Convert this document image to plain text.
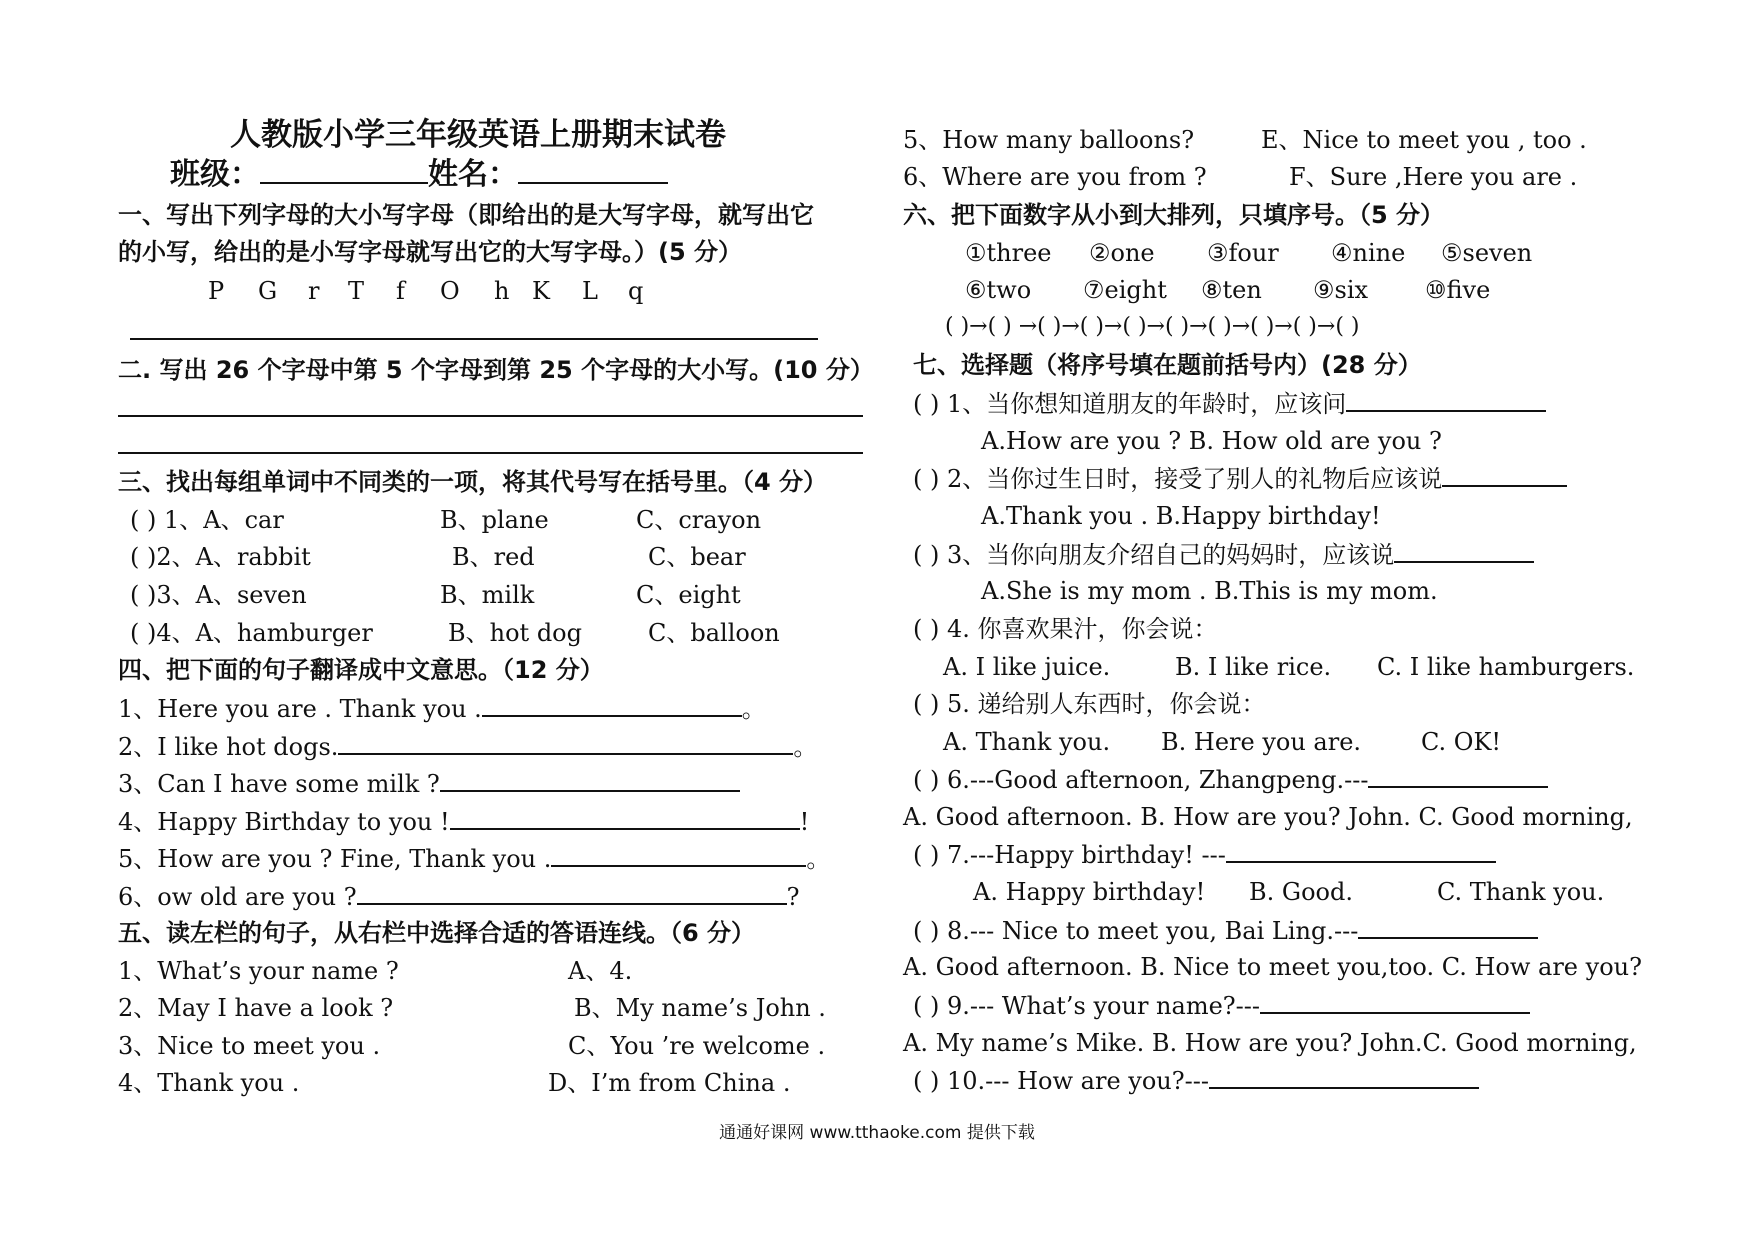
人教版小学三年级英语上册期末试卷
班级：	姓名：
一、写出下列字母的大小写字母（即给出的是大写字母，就写出它
的小写，给出的是小写字母就写出它的大写字母。）(5 分）
P G r T f O h K L q
二. 写出 26 个字母中第 5 个字母到第 25 个字母的大小写。(10 分）
三、找出每组单词中不同类的一项，将其代号写在括号里。（4 分）
( ) 1、A、car	B、plane	C、crayon
( )2、A、rabbit	B、red	C、bear
( )3、A、seven	B、milk	C、eight
( )4、A、hamburger	B、hot dog	C、balloon
四、把下面的句子翻译成中文意思。（12 分）
1、Here you are . Thank you .	。
2、I like hot dogs.	。
3、Can I have some milk ?
4、Happy Birthday to you !	!
5、How are you ? Fine, Thank you .	。
6、ow old are you ?	?
五、读左栏的句子，从右栏中选择合适的答语连线。（6 分）
1、What’s your name ?	A、4.
2、May I have a look ?	B、My name’s John .
3、Nice to meet you .	C、You ’re welcome .
4、Thank you .	D、I’m from China .
5、How many balloons?	E、Nice to meet you , too .
6、Where are you from ?	F、Sure ,Here you are .
六、把下面数字从小到大排列，只填序号。（5 分）
①three ②one ③four ④nine ⑤seven
⑥two ⑦eight ⑧ten ⑨six ⑩five
( )→( ) →( )→( )→( )→( )→( )→( )→( )→( )
七、选择题（将序号填在题前括号内）(28 分）
( ) 1、当你想知道朋友的年龄时，应该问
A.How are you ? B. How old are you ?
( ) 2、当你过生日时，接受了别人的礼物后应该说
A.Thank you . B.Happy birthday!
( ) 3、当你向朋友介绍自己的妈妈时，应该说
A.She is my mom . B.This is my mom.
( ) 4. 你喜欢果汁，你会说：
A. I like juice.	B. I like rice. C. I like hamburgers.
( ) 5. 递给别人东西时，你会说：
A. Thank you. B. Here you are. C. OK!
( ) 6.---Good afternoon, Zhangpeng.---
A. Good afternoon. B. How are you? John. C. Good morning,
( ) 7.---Happy birthday! ---
A. Happy birthday! B. Good.	C. Thank you.
( ) 8.--- Nice to meet you, Bai Ling.---
A. Good afternoon. B. Nice to meet you,too. C. How are you?
( ) 9.--- What’s your name?---
A. My name’s Mike. B. How are you? John.C. Good morning,
( ) 10.--- How are you?---
通通好课网 www.tthaoke.com 提供下载
